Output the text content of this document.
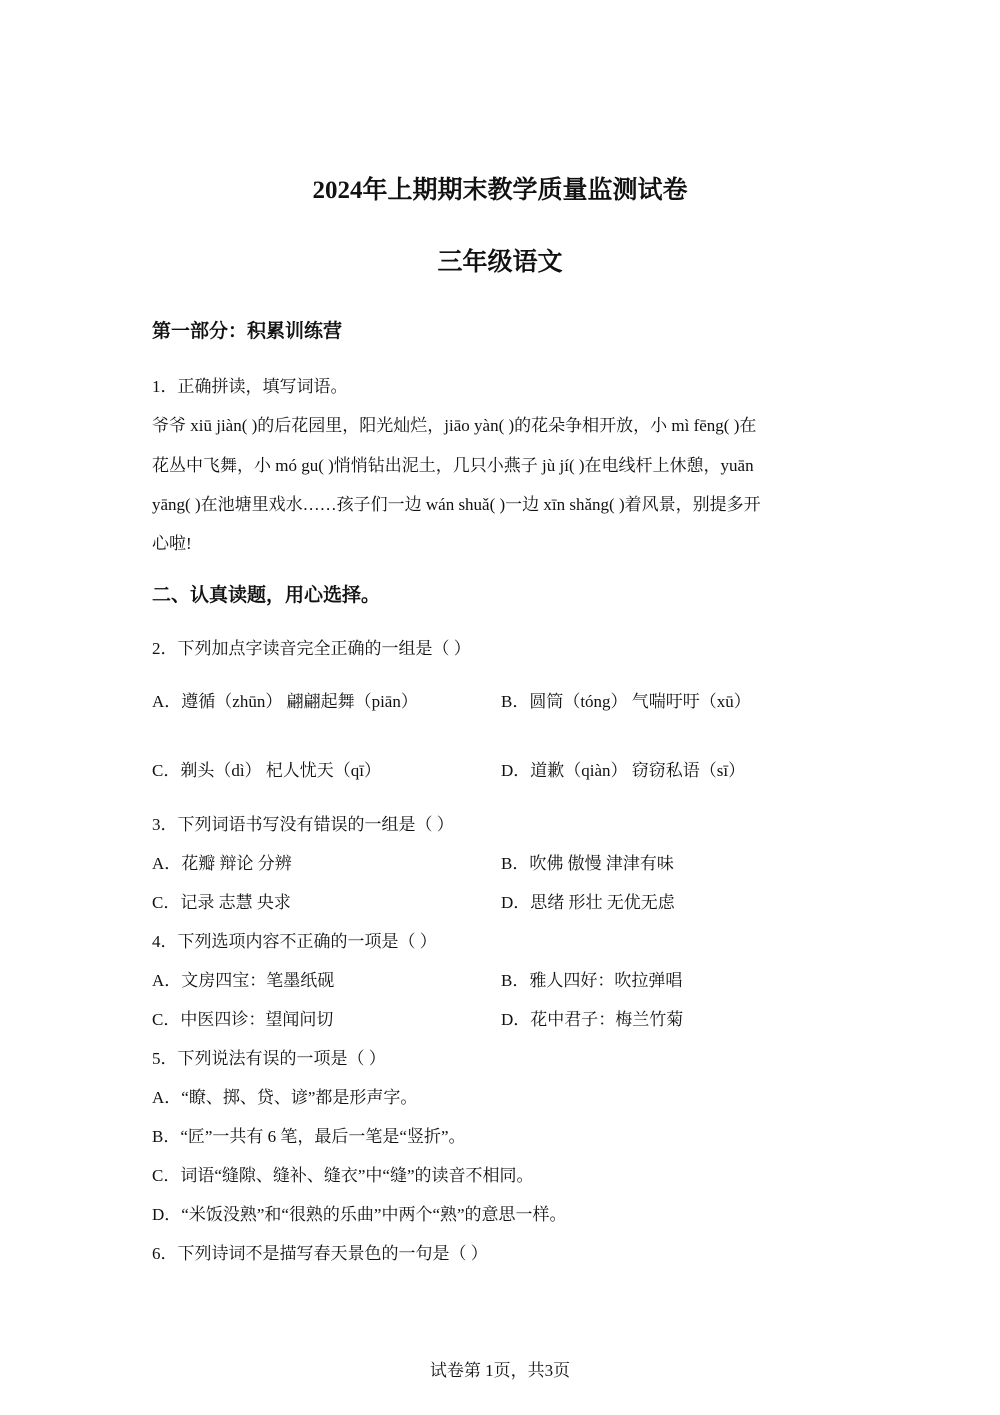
2024年上期期末教学质量监测试卷
三年级语文
第一部分：积累训练营
1．正确拼读，填写词语。
爷爷 xiū jiàn( )的后花园里，阳光灿烂，jiāo yàn( )的花朵争相开放，小 mì fēng( )在
花丛中飞舞，小 mó gu( )悄悄钻出泥土，几只小燕子 jù jí( )在电线杆上休憩，yuān
yāng( )在池塘里戏水……孩子们一边 wán shuǎ( )一边 xīn shǎng( )着风景，别提多开
心啦!
二、认真读题，用心选择。
2．下列加点字读音完全正确的一组是（ ）
A．遵循（zhūn） 翩翩起舞（piān）	B．圆筒（tóng） 气喘吁吁（xū）
C．剃头（dì） 杞人忧天（qī）	D．道歉（qiàn） 窃窃私语（sī）
3．下列词语书写没有错误的一组是（ ）
A．花瓣 辩论 分辨	B．吹佛 傲慢 津津有味
C．记录 志慧 央求	D．思绪 形壮 无优无虑
4．下列选项内容不正确的一项是（ ）
A．文房四宝：笔墨纸砚	B．雅人四好：吹拉弹唱
C．中医四诊：望闻问切	D．花中君子：梅兰竹菊
5．下列说法有误的一项是（ ）
A．“瞭、掷、贷、谚”都是形声字。
B．“匠”一共有 6 笔，最后一笔是“竖折”。
C．词语“缝隙、缝补、缝衣”中“缝”的读音不相同。
D．“米饭没熟”和“很熟的乐曲”中两个“熟”的意思一样。
6．下列诗词不是描写春天景色的一句是（ ）
试卷第 1页，共3页
